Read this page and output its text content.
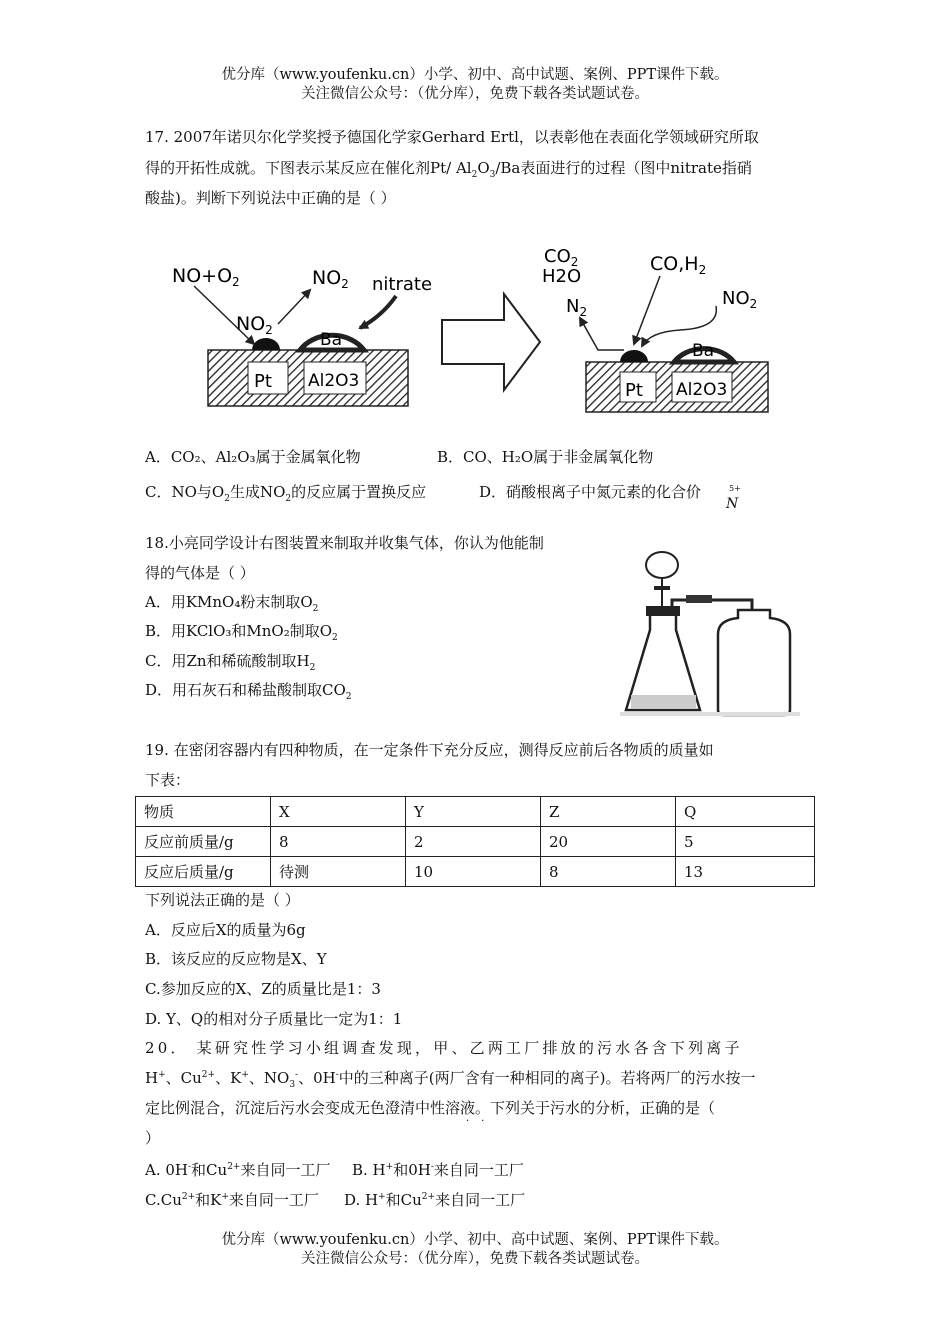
优分库（www.youfenku.cn）小学、初中、高中试题、案例、PPT课件下载。
关注微信公众号：（优分库），免费下载各类试题试卷。
17. 2007年诺贝尔化学奖授予德国化学家Gerhard Ertl，以表彰他在表面化学领域研究所取
得的开拓性成就。下图表示某反应在催化剂Pt/ $Al_2O_3/Ba$表面进行的过程（图中nitrate指硝
酸盐)。判断下列说法中正确的是（ ）
Pt Al2O3
Ba
$NO+O_2$	$NO_2$ nitrate
$NO_2$
Pt Al2O3
Ba
$CO_2$
H2O
$N_2$
$CO,H_2$
$NO_2$
A．CO₂、Al₂O₃属于金属氧化物	B．CO、H₂O属于非金属氧化物
C．NO与$O_2$生成$NO_2$的反应属于置换反应	D．硝酸根离子中氮元素的化合价	5+
N
18.小亮同学设计右图装置来制取并收集气体，你认为他能制
得的气体是（ ）
A．用KMnO₄粉末制取$O_2$
B．用KClO₃和MnO₂制取$O_2$
C．用Zn和稀硫酸制取$H_2$
D．用石灰石和稀盐酸制取$CO_2$
19. 在密闭容器内有四种物质，在一定条件下充分反应，测得反应前后各物质的质量如
下表：
物质	X	Y	Z	Q
反应前质量/g	8	2	20	5
反应后质量/g	待测	10	8	13
下列说法正确的是（ ）
A．反应后X的质量为6g
B．该反应的反应物是X、Y
C.参加反应的X、Z的质量比是1：3
D. Y、Q的相对分子质量比一定为1：1
20． 某研究性学习小组调查发现，甲、乙两工厂排放的污水各含下列离子
H+、$Cu^{2+}$、K+、$NO_3^-$、0H-中的三种离子(两厂含有一种相同的离子)。若将两厂的污水按一
定比例混合，沉淀后污水会变成无色澄清中性溶液。下列关于污水的分析，正确的是（
··
）
A. 0H-和$Cu^{2+}$来自同一工厂 B. H+和0H-来自同一工厂
$C.Cu^{2+}$和K+来自同一工厂 D. H+和$Cu^{2+}$来自同一工厂
优分库（www.youfenku.cn）小学、初中、高中试题、案例、PPT课件下载。
关注微信公众号：（优分库），免费下载各类试题试卷。
